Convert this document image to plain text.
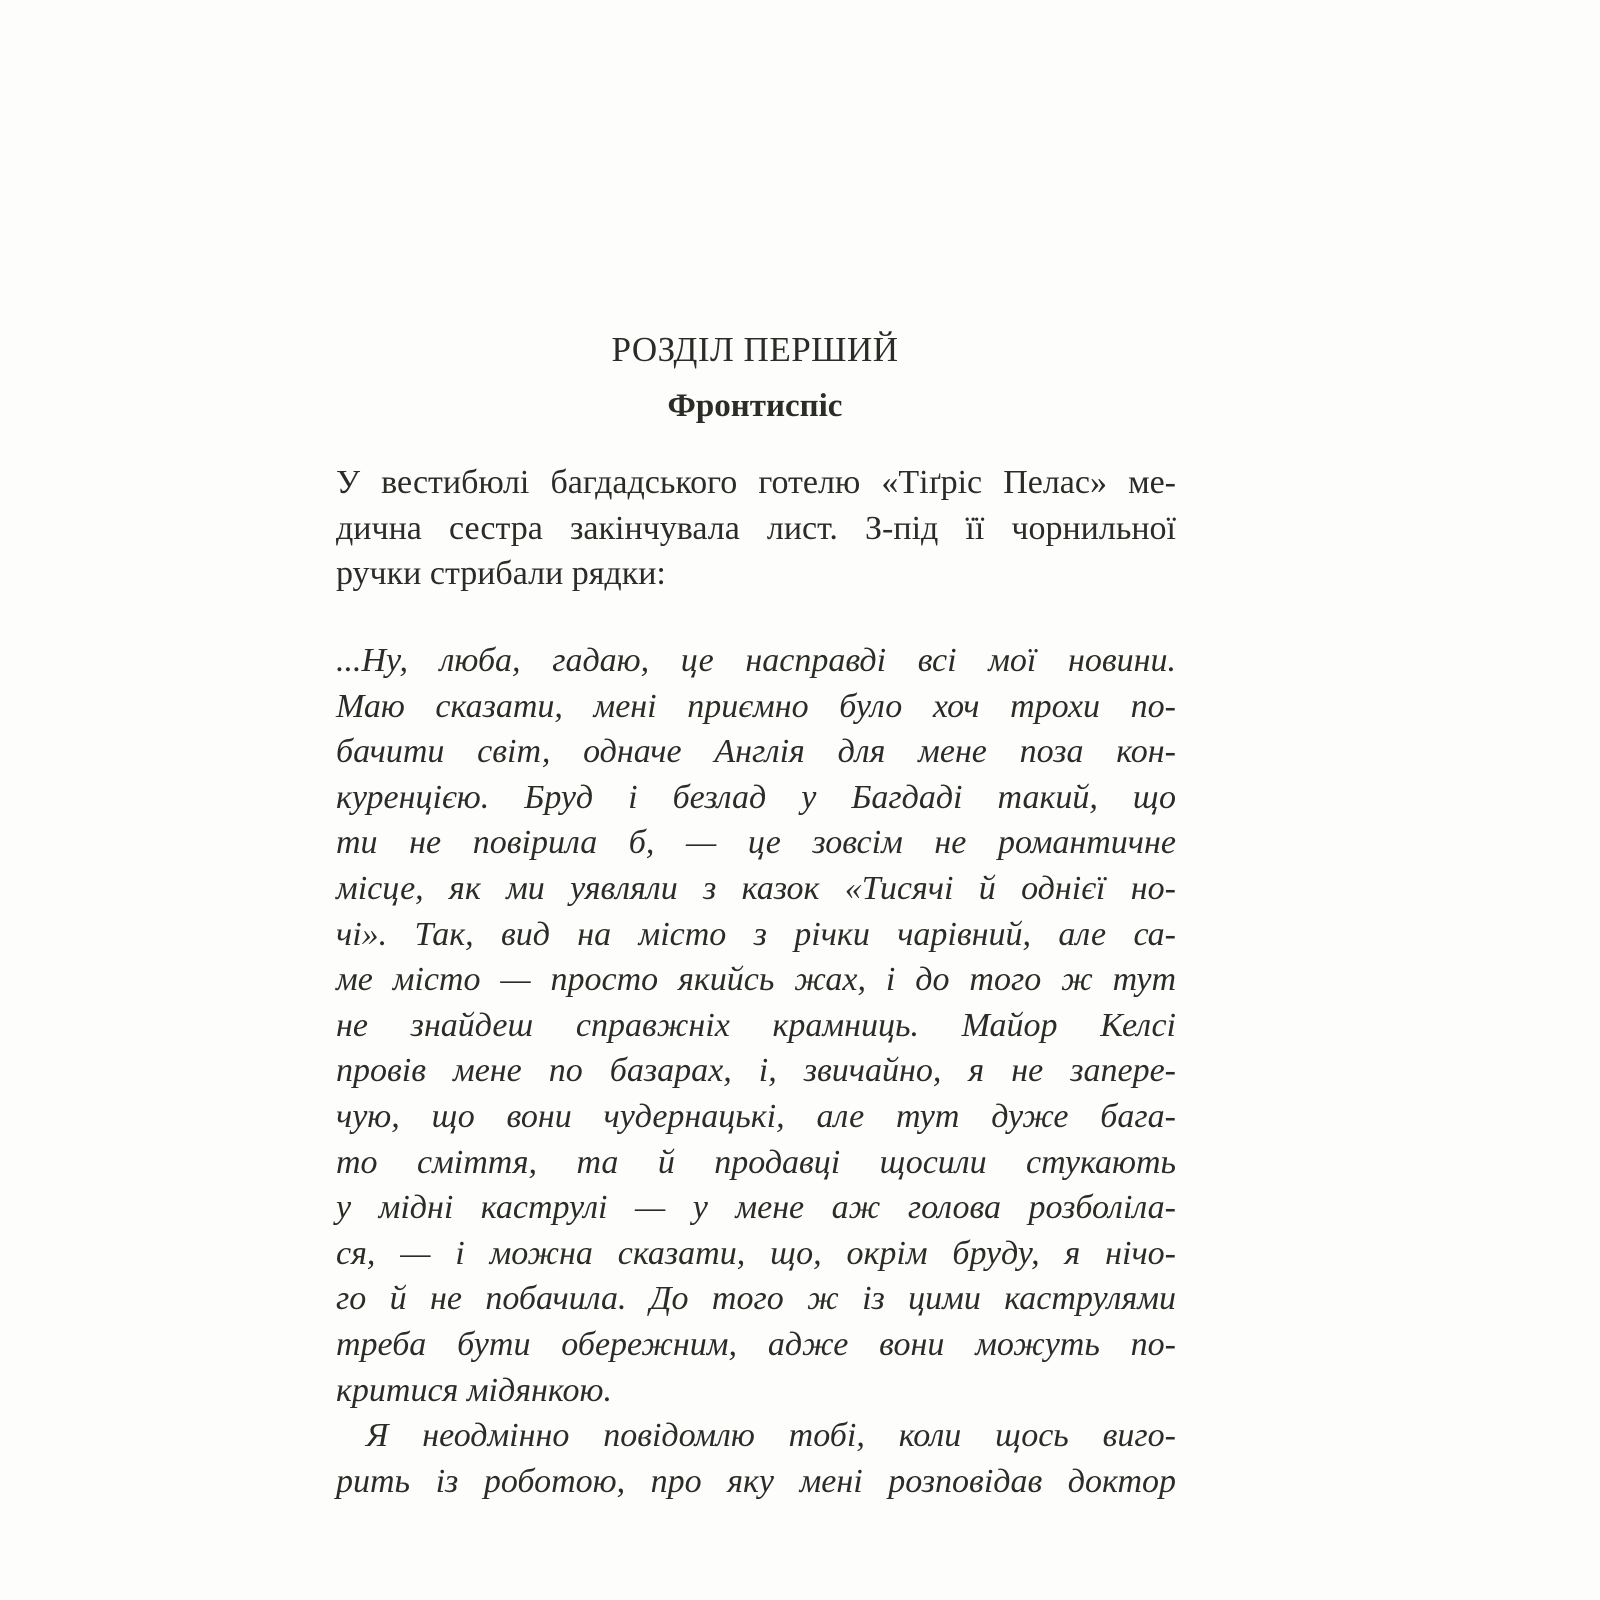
РОЗДІЛ ПЕРШИЙ
Фронтиспіс
У вестибюлі багдадського готелю «Тіґріс Пелас» ме-
дична сестра закінчувала лист. З-під її чорнильної
ручки стрибали рядки:
...Ну, люба, гадаю, це насправді всі мої новини.
Маю сказати, мені приємно було хоч трохи по-
бачити світ, одначе Англія для мене поза кон-
куренцією. Бруд і безлад у Багдаді такий, що
ти не повірила б, — це зовсім не романтичне
місце, як ми уявляли з казок «Тисячі й однієї но-
чі». Так, вид на місто з річки чарівний, але са-
ме місто — просто якийсь жах, і до того ж тут
не знайдеш справжніх крамниць. Майор Келсі
провів мене по базарах, і, звичайно, я не запере-
чую, що вони чудернацькі, але тут дуже бага-
то сміття, та й продавці щосили стукають
у мідні каструлі — у мене аж голова розболіла-
ся, — і можна сказати, що, окрім бруду, я нічо-
го й не побачила. До того ж із цими каструлями
треба бути обережним, адже вони можуть по-
критися мідянкою.
Я неодмінно повідомлю тобі, коли щось виго-
рить із роботою, про яку мені розповідав доктор
